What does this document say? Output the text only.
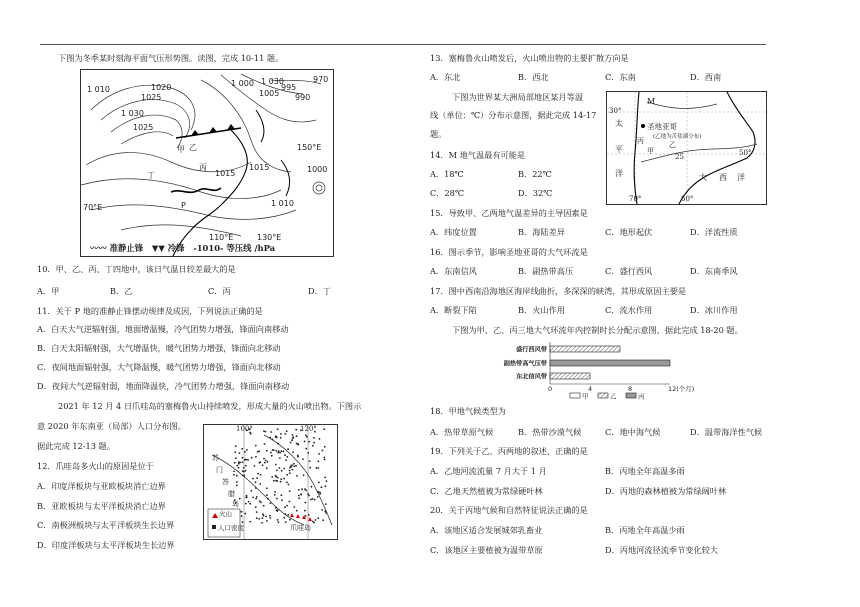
下图为冬季某时刻海平面气压形势图。读图，完成 10-11 题。
1 010
1025
1020
1 030
1025
甲 乙
丙
丁
P
1 000 1 030
1005
995
990
970
1015
1015
1 010
150°E
70°E
110°E	130°E
1000
〰〰 准静止锋 ▼▼ 冷锋 -1010- 等压线 /hPa
10．甲、乙、丙、丁四地中，该日气温日较差最大的是
A．甲	B．乙	C．丙	D．丁
11．关于 P 地的准静止锋摆动规律及成因，下列说法正确的是
A．白天大气逆辐射强，地面增温慢，冷气团势力增强，锋面向南移动
B．白天太阳辐射强，大气增温快，暖气团势力增强，锋面向北移动
C．夜间地面辐射强，大气降温慢，暖气团势力增强，锋面向北移动
D．夜间大气逆辐射弱，地面降温快，冷气团势力增强，锋面向南移动
2021 年 12 月 4 日爪哇岛的塞梅鲁火山持续喷发，形成大量的火山喷出物。下图示
意 2020 年东南亚（局部）人口分布图。
据此完成 12-13 题。
100°	120°
苏
门
答
腊
岛
爪哇岛
火山
人口密度
12．爪哇岛多火山的原因是位于
A．印度洋板块与亚欧板块消亡边界
B．亚欧板块与太平洋板块消亡边界
C．南极洲板块与太平洋板块生长边界
D．印度洋板块与太平洋板块生长边界
13．塞梅鲁火山喷发后，火山喷出物的主要扩散方向是
A．东北	B．西北	C．东南	D．西南
下图为世界某大洲局部地区某月等温
线（单位：℃）分布示意图，据此完成 14-17
题。
M
30°
太
平
洋
圣地亚哥
(乙地为苦盐湖分布)
丙
甲
乙
25
大 西 洋
50°
70°	60°
14．M 地气温最有可能是
A．18℃	B．22℃
C．28℃	D．32℃
15．导致甲、乙两地气温差异的主导因素是
A．纬度位置	B．海陆差异	C．地形起伏	D．洋流性质
16．图示季节，影响圣地亚哥的大气环流是
A．东南信风	B．副热带高压	C．盛行西风	D．东南季风
17．图中西南沿海地区海岸线曲折，多深深的峡湾，其形成原因主要是
A．断裂下陷	B．火山作用	C．流水作用	D．冰川作用
下图为甲、乙、丙三地大气环流年内控制时长分配示意图，据此完成 18-20 题。
0	4	8	12(个月)
盛行西风带
副热带高气压带
东北信风带
甲	乙	丙
18．甲地气候类型为
A．热带草原气候	B．热带沙漠气候	C．地中海气候	D．温带海洋性气候
19．下列关于乙、丙两地的叙述，正确的是
A．乙地河流流量 7 月大于 1 月	B．丙地全年高温多雨
C．乙地天然植被为常绿硬叶林	D．丙地的森林植被为常绿阔叶林
20．关于丙地气候和自然特征说法正确的是
A．该地区适合发展城郊乳畜业	B．丙地全年高温少雨
C．该地区主要植被为温带草原	D．丙地河流径流季节变化较大
